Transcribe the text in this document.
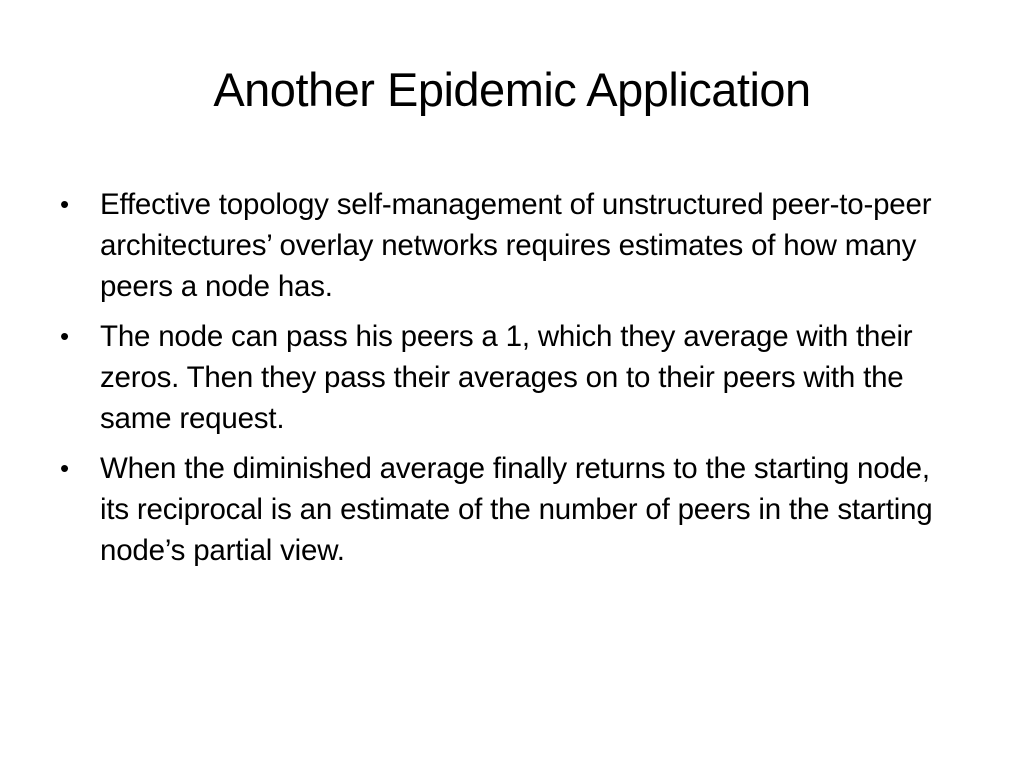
Another Epidemic Application
• Effective topology self-management of unstructured peer-to-peer architectures’ overlay networks requires estimates of how many peers a node has.
• The node can pass his peers a 1, which they average with their zeros. Then they pass their averages on to their peers with the same request.
• When the diminished average finally returns to the starting node, its reciprocal is an estimate of the number of peers in the starting node’s partial view.
